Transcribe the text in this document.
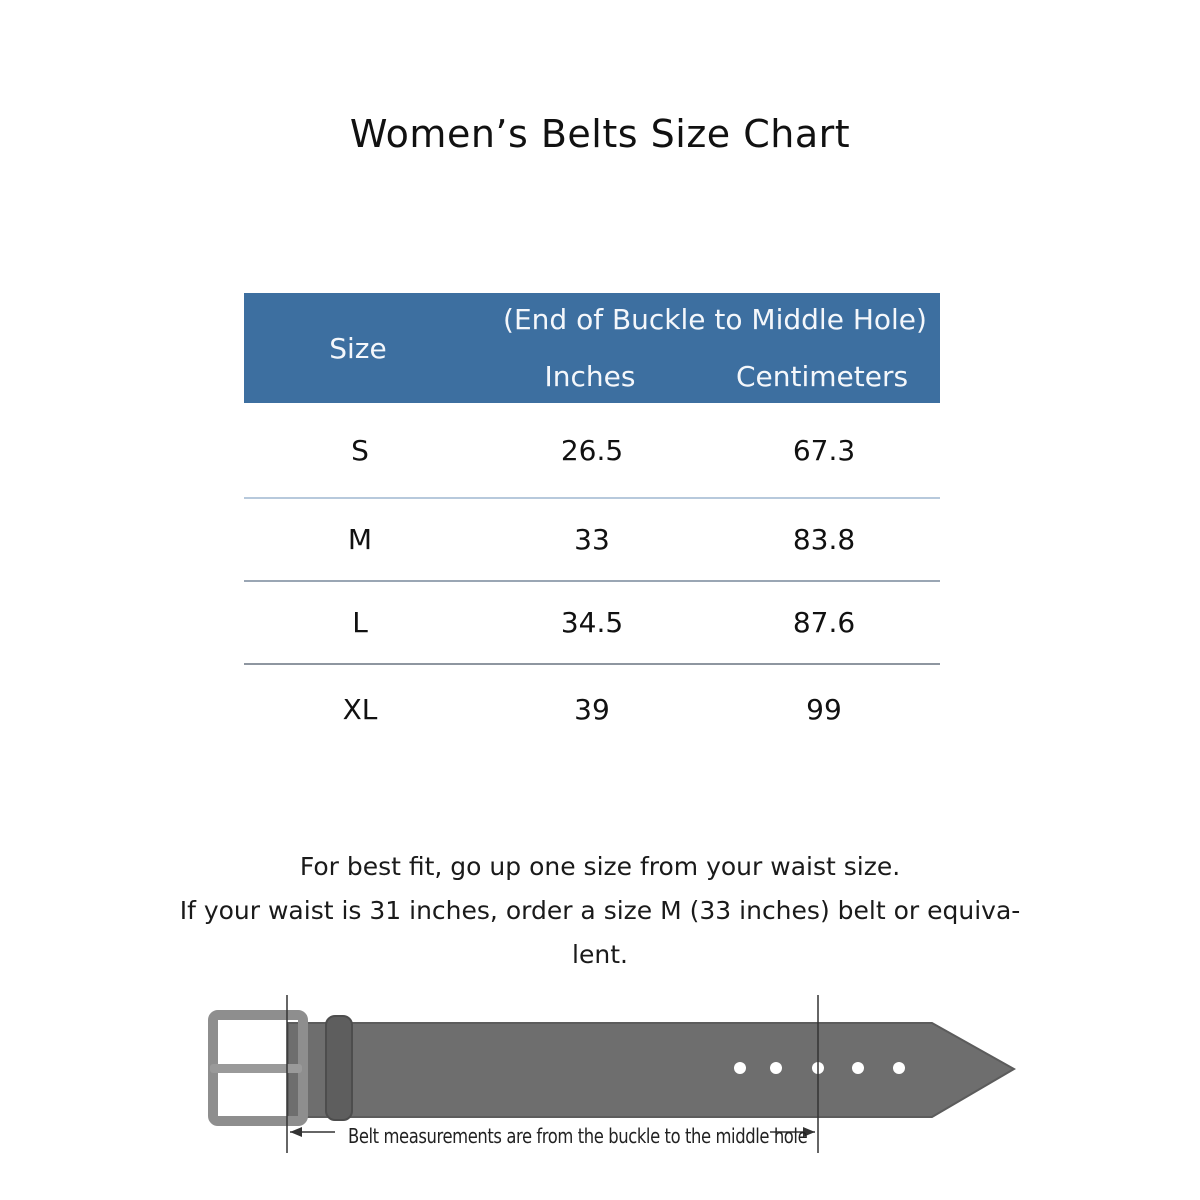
Women’s Belts Size Chart
Size
(End of Buckle to Middle Hole)
Inches	Centimeters
S	26.5	67.3
M	33	83.8
L	34.5	87.6
XL	39	99
For best fit, go up one size from your waist size.
If your waist is 31 inches, order a size M (33 inches) belt or equiva-
lent.
Belt measurements are from the buckle to the middle hole
